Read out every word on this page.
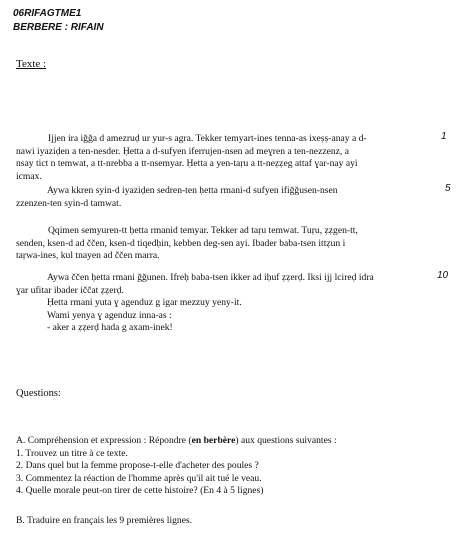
06RIFAGTME1
BERBERE : RIFAIN
Texte :
1
5
10

Ijjen ira iğğa d amezruḍ ur yur-s agra. Tekker temyart-ines tenna-as ixeṣṣ-anay a d-

nawi iyaziḍen a ten-nesder. Ḥetta a d-sufyen iferrujen-nsen ad meɣren a ten-nezzenz, a

nsay tict n temwat, a tt-nrebba a tt-nsemyar. Ḥetta a yen-taṛu a tt-neẓẓeg attaf ɣar-nay ayi

icmax.

Aywa kkren syin-d iyaziḍen sedren-ten ḥetta rmani-d sufyen ifiğğusen-nsen

zzenzen-ten syin-d tamwat.

Qqimen semyuren-tt ḥetta rmanid temyar. Tekker ad taṛu temwat. Tuṛu, ẓẓgen-tt,

senden, ksen-d ad ččen, ksen-d tiqedḥin, kebben deg-sen ayi. Ibader baba-tsen ittẓun i

taṛwa-ines, kul tnayen ad ččen marra.

Aywa ččen ḥetta rmani ğğunen. Ifreḥ baba-tsen ikker ad iḥuf ẓẓerḍ. Iksi ijj lcireḍ idra

ɣar ufitar ibader iččat ẓẓerḍ.

Ḥetta rmani yuta ɣ agenduz g igar mezzuy yeny-it.

Wami yenya ɣ agenduz inna-as :

- aker a ẓẓerḍ hada g axam-inek!

Questions:

A. Compréhension et expression : Répondre (en berbère) aux questions suivantes :

1. Trouvez un titre à ce texte.

2. Dans quel but la femme propose-t-elle d'acheter des poules ?

3. Commentez la réaction de l'homme après qu'il ait tué le veau.

4. Quelle morale peut-on tirer de cette histoire? (En 4 à 5 lignes)

B. Traduire en français les 9 premières lignes.
